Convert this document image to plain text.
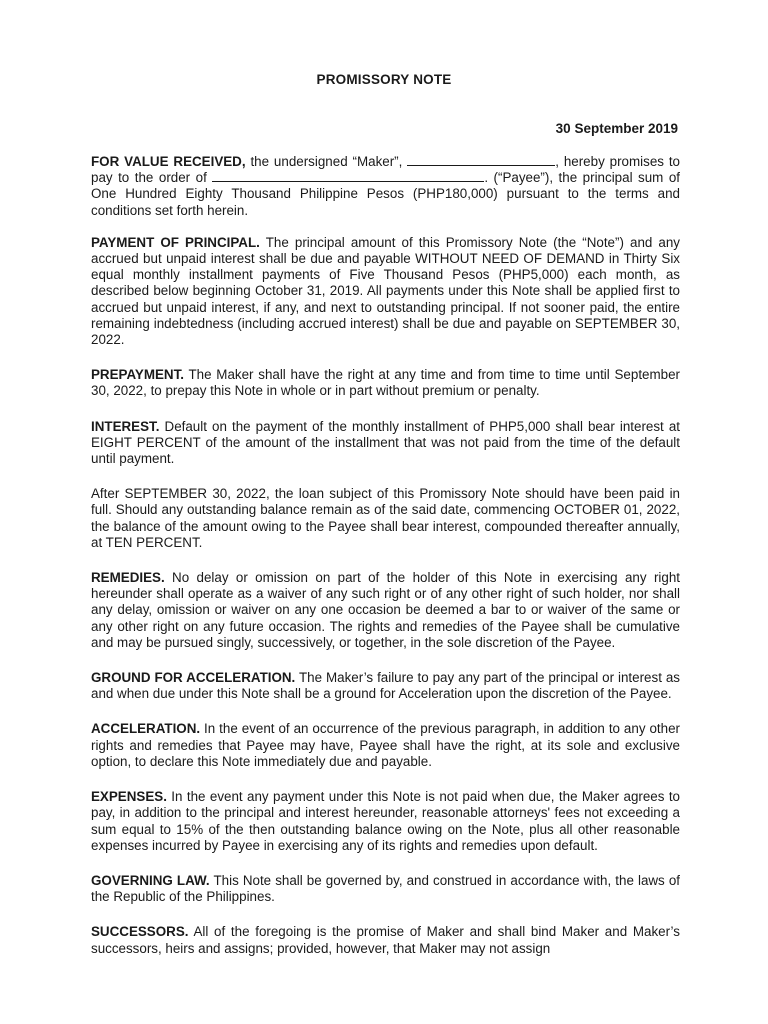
PROMISSORY NOTE
30 September 2019

FOR VALUE RECEIVED, the undersigned “Maker”,	, hereby promises to pay to the order of	. (“Payee”), the principal sum of One Hundred Eighty Thousand Philippine Pesos (PHP180,000) pursuant to the terms and conditions set forth herein.

PAYMENT OF PRINCIPAL. The principal amount of this Promissory Note (the “Note”) and any accrued but unpaid interest shall be due and payable WITHOUT NEED OF DEMAND in Thirty Six equal monthly installment payments of Five Thousand Pesos (PHP5,000) each month, as described below beginning October 31, 2019. All payments under this Note shall be applied first to accrued but unpaid interest, if any, and next to outstanding principal. If not sooner paid, the entire remaining indebtedness (including accrued interest) shall be due and payable on SEPTEMBER 30, 2022.

PREPAYMENT. The Maker shall have the right at any time and from time to time until September 30, 2022, to prepay this Note in whole or in part without premium or penalty.

INTEREST. Default on the payment of the monthly installment of PHP5,000 shall bear interest at EIGHT PERCENT of the amount of the installment that was not paid from the time of the default until payment.

After SEPTEMBER 30, 2022, the loan subject of this Promissory Note should have been paid in full. Should any outstanding balance remain as of the said date, commencing OCTOBER 01, 2022, the balance of the amount owing to the Payee shall bear interest, compounded thereafter annually, at TEN PERCENT.

REMEDIES. No delay or omission on part of the holder of this Note in exercising any right hereunder shall operate as a waiver of any such right or of any other right of such holder, nor shall any delay, omission or waiver on any one occasion be deemed a bar to or waiver of the same or any other right on any future occasion. The rights and remedies of the Payee shall be cumulative and may be pursued singly, successively, or together, in the sole discretion of the Payee.

GROUND FOR ACCELERATION. The Maker’s failure to pay any part of the principal or interest as and when due under this Note shall be a ground for Acceleration upon the discretion of the Payee.

ACCELERATION. In the event of an occurrence of the previous paragraph, in addition to any other rights and remedies that Payee may have, Payee shall have the right, at its sole and exclusive option, to declare this Note immediately due and payable.

EXPENSES. In the event any payment under this Note is not paid when due, the Maker agrees to pay, in addition to the principal and interest hereunder, reasonable attorneys' fees not exceeding a sum equal to 15% of the then outstanding balance owing on the Note, plus all other reasonable expenses incurred by Payee in exercising any of its rights and remedies upon default.

GOVERNING LAW. This Note shall be governed by, and construed in accordance with, the laws of the Republic of the Philippines.

SUCCESSORS. All of the foregoing is the promise of Maker and shall bind Maker and Maker’s successors, heirs and assigns; provided, however, that Maker may not assign
